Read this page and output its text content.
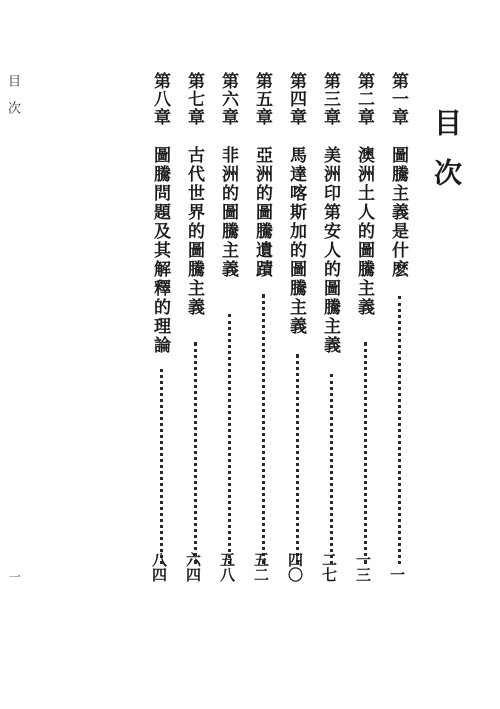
目次
一
目次
第一章
圖騰主義是什麽
一
第二章
澳洲土人的圖騰主義
一三
第三章
美洲印第安人的圖騰主義
二七
第四章
馬達喀斯加的圖騰主義
四〇
第五章
亞洲的圖騰遺蹟
五二
第六章
非洲的圖騰主義
五八
第七章
古代世界的圖騰主義
六四
第八章
圖騰問題及其解釋的理論
八四
